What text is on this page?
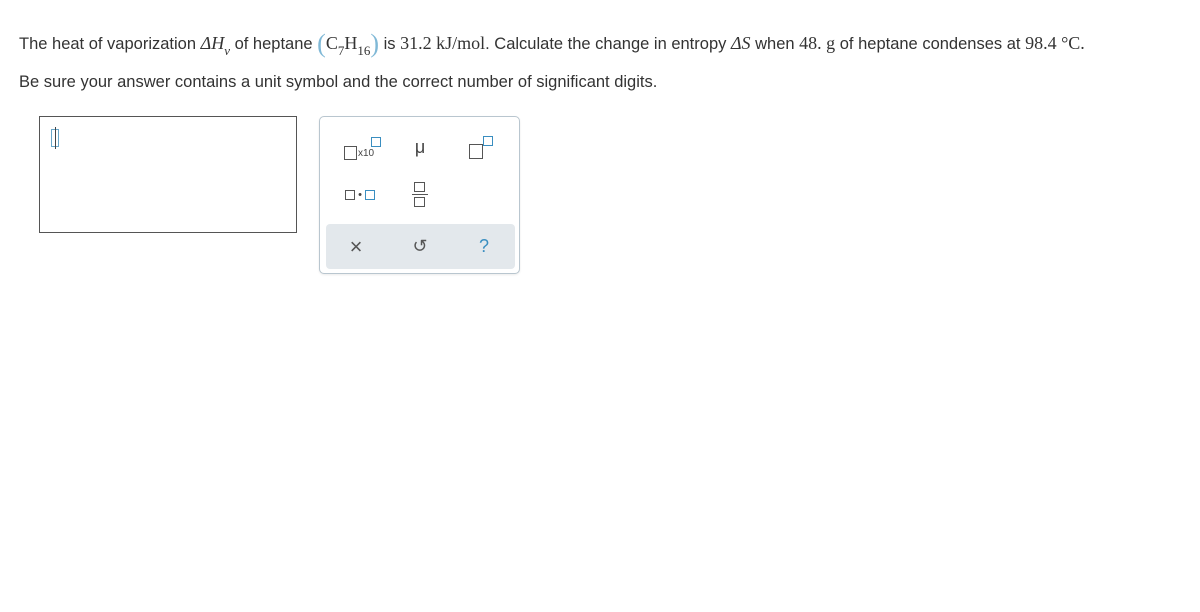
The heat of vaporization $\Delta H_v$ of heptane $(C_7H_{16})$ is 31.2 kJ/mol. Calculate the change in entropy ΔS when 48. g of heptane condenses at 98.4 °C.
Be sure your answer contains a unit symbol and the correct number of significant digits.
x10 μ
•
×	↺	?
